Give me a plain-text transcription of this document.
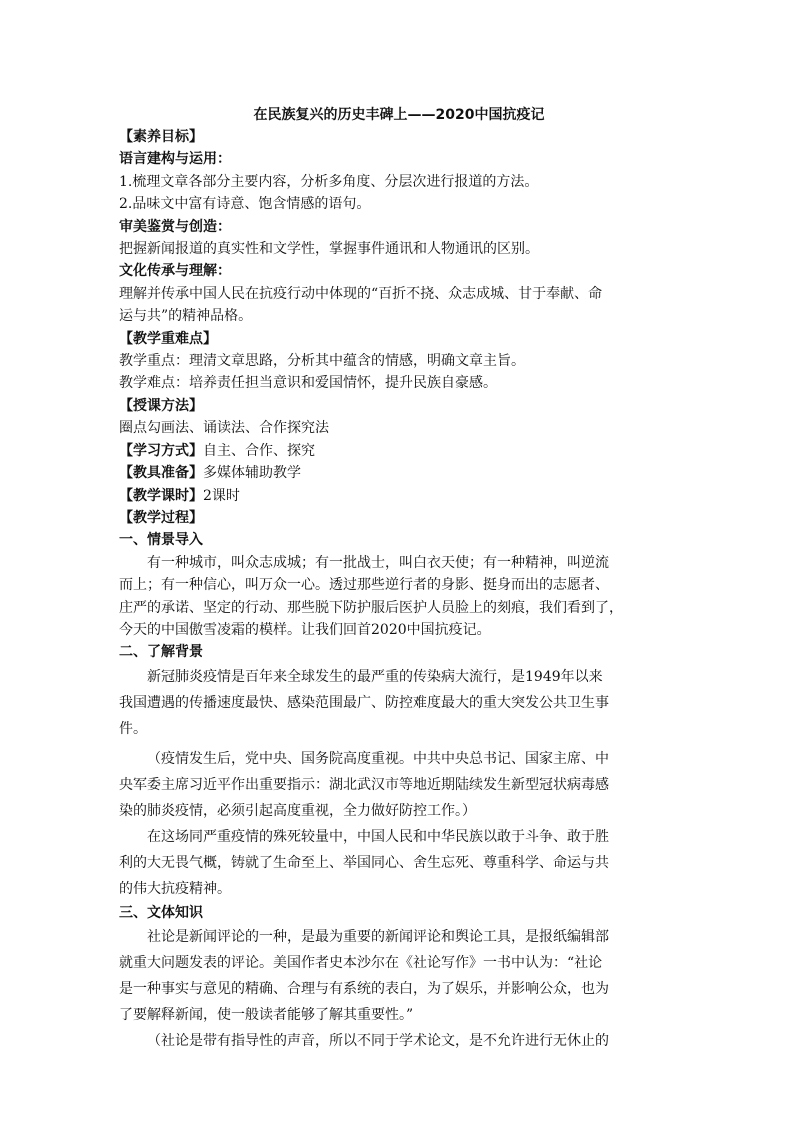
在民族复兴的历史丰碑上——2020中国抗疫记
【素养目标】
语言建构与运用：
1.梳理文章各部分主要内容，分析多角度、分层次进行报道的方法。
2.品味文中富有诗意、饱含情感的语句。
审美鉴赏与创造：
把握新闻报道的真实性和文学性，掌握事件通讯和人物通讯的区别。
文化传承与理解：
理解并传承中国人民在抗疫行动中体现的“百折不挠、众志成城、甘于奉献、命
运与共”的精神品格。
【教学重难点】
教学重点：理清文章思路，分析其中蕴含的情感，明确文章主旨。
教学难点：培养责任担当意识和爱国情怀，提升民族自豪感。
【授课方法】
圈点勾画法、诵读法、合作探究法
【学习方式】自主、合作、探究
【教具准备】多媒体辅助教学
【教学课时】2课时
【教学过程】
一、情景导入
有一种城市，叫众志成城；有一批战士，叫白衣天使；有一种精神，叫逆流
而上；有一种信心，叫万众一心。透过那些逆行者的身影、挺身而出的志愿者、
庄严的承诺、坚定的行动、那些脱下防护服后医护人员脸上的刻痕，我们看到了，
今天的中国傲雪凌霜的模样。让我们回首2020中国抗疫记。
二、了解背景
新冠肺炎疫情是百年来全球发生的最严重的传染病大流行，是1949年以来
我国遭遇的传播速度最快、感染范围最广、防控难度最大的重大突发公共卫生事
件。
（疫情发生后，党中央、国务院高度重视。中共中央总书记、国家主席、中
央军委主席习近平作出重要指示：湖北武汉市等地近期陆续发生新型冠状病毒感
染的肺炎疫情，必须引起高度重视，全力做好防控工作。）
在这场同严重疫情的殊死较量中，中国人民和中华民族以敢于斗争、敢于胜
利的大无畏气概，铸就了生命至上、举国同心、舍生忘死、尊重科学、命运与共
的伟大抗疫精神。
三、文体知识
社论是新闻评论的一种，是最为重要的新闻评论和舆论工具，是报纸编辑部
就重大问题发表的评论。美国作者史本沙尔在《社论写作》一书中认为：“社论
是一种事实与意见的精确、合理与有系统的表白，为了娱乐，并影响公众，也为
了要解释新闻，使一般读者能够了解其重要性。”
（社论是带有指导性的声音，所以不同于学术论文，是不允许进行无休止的
